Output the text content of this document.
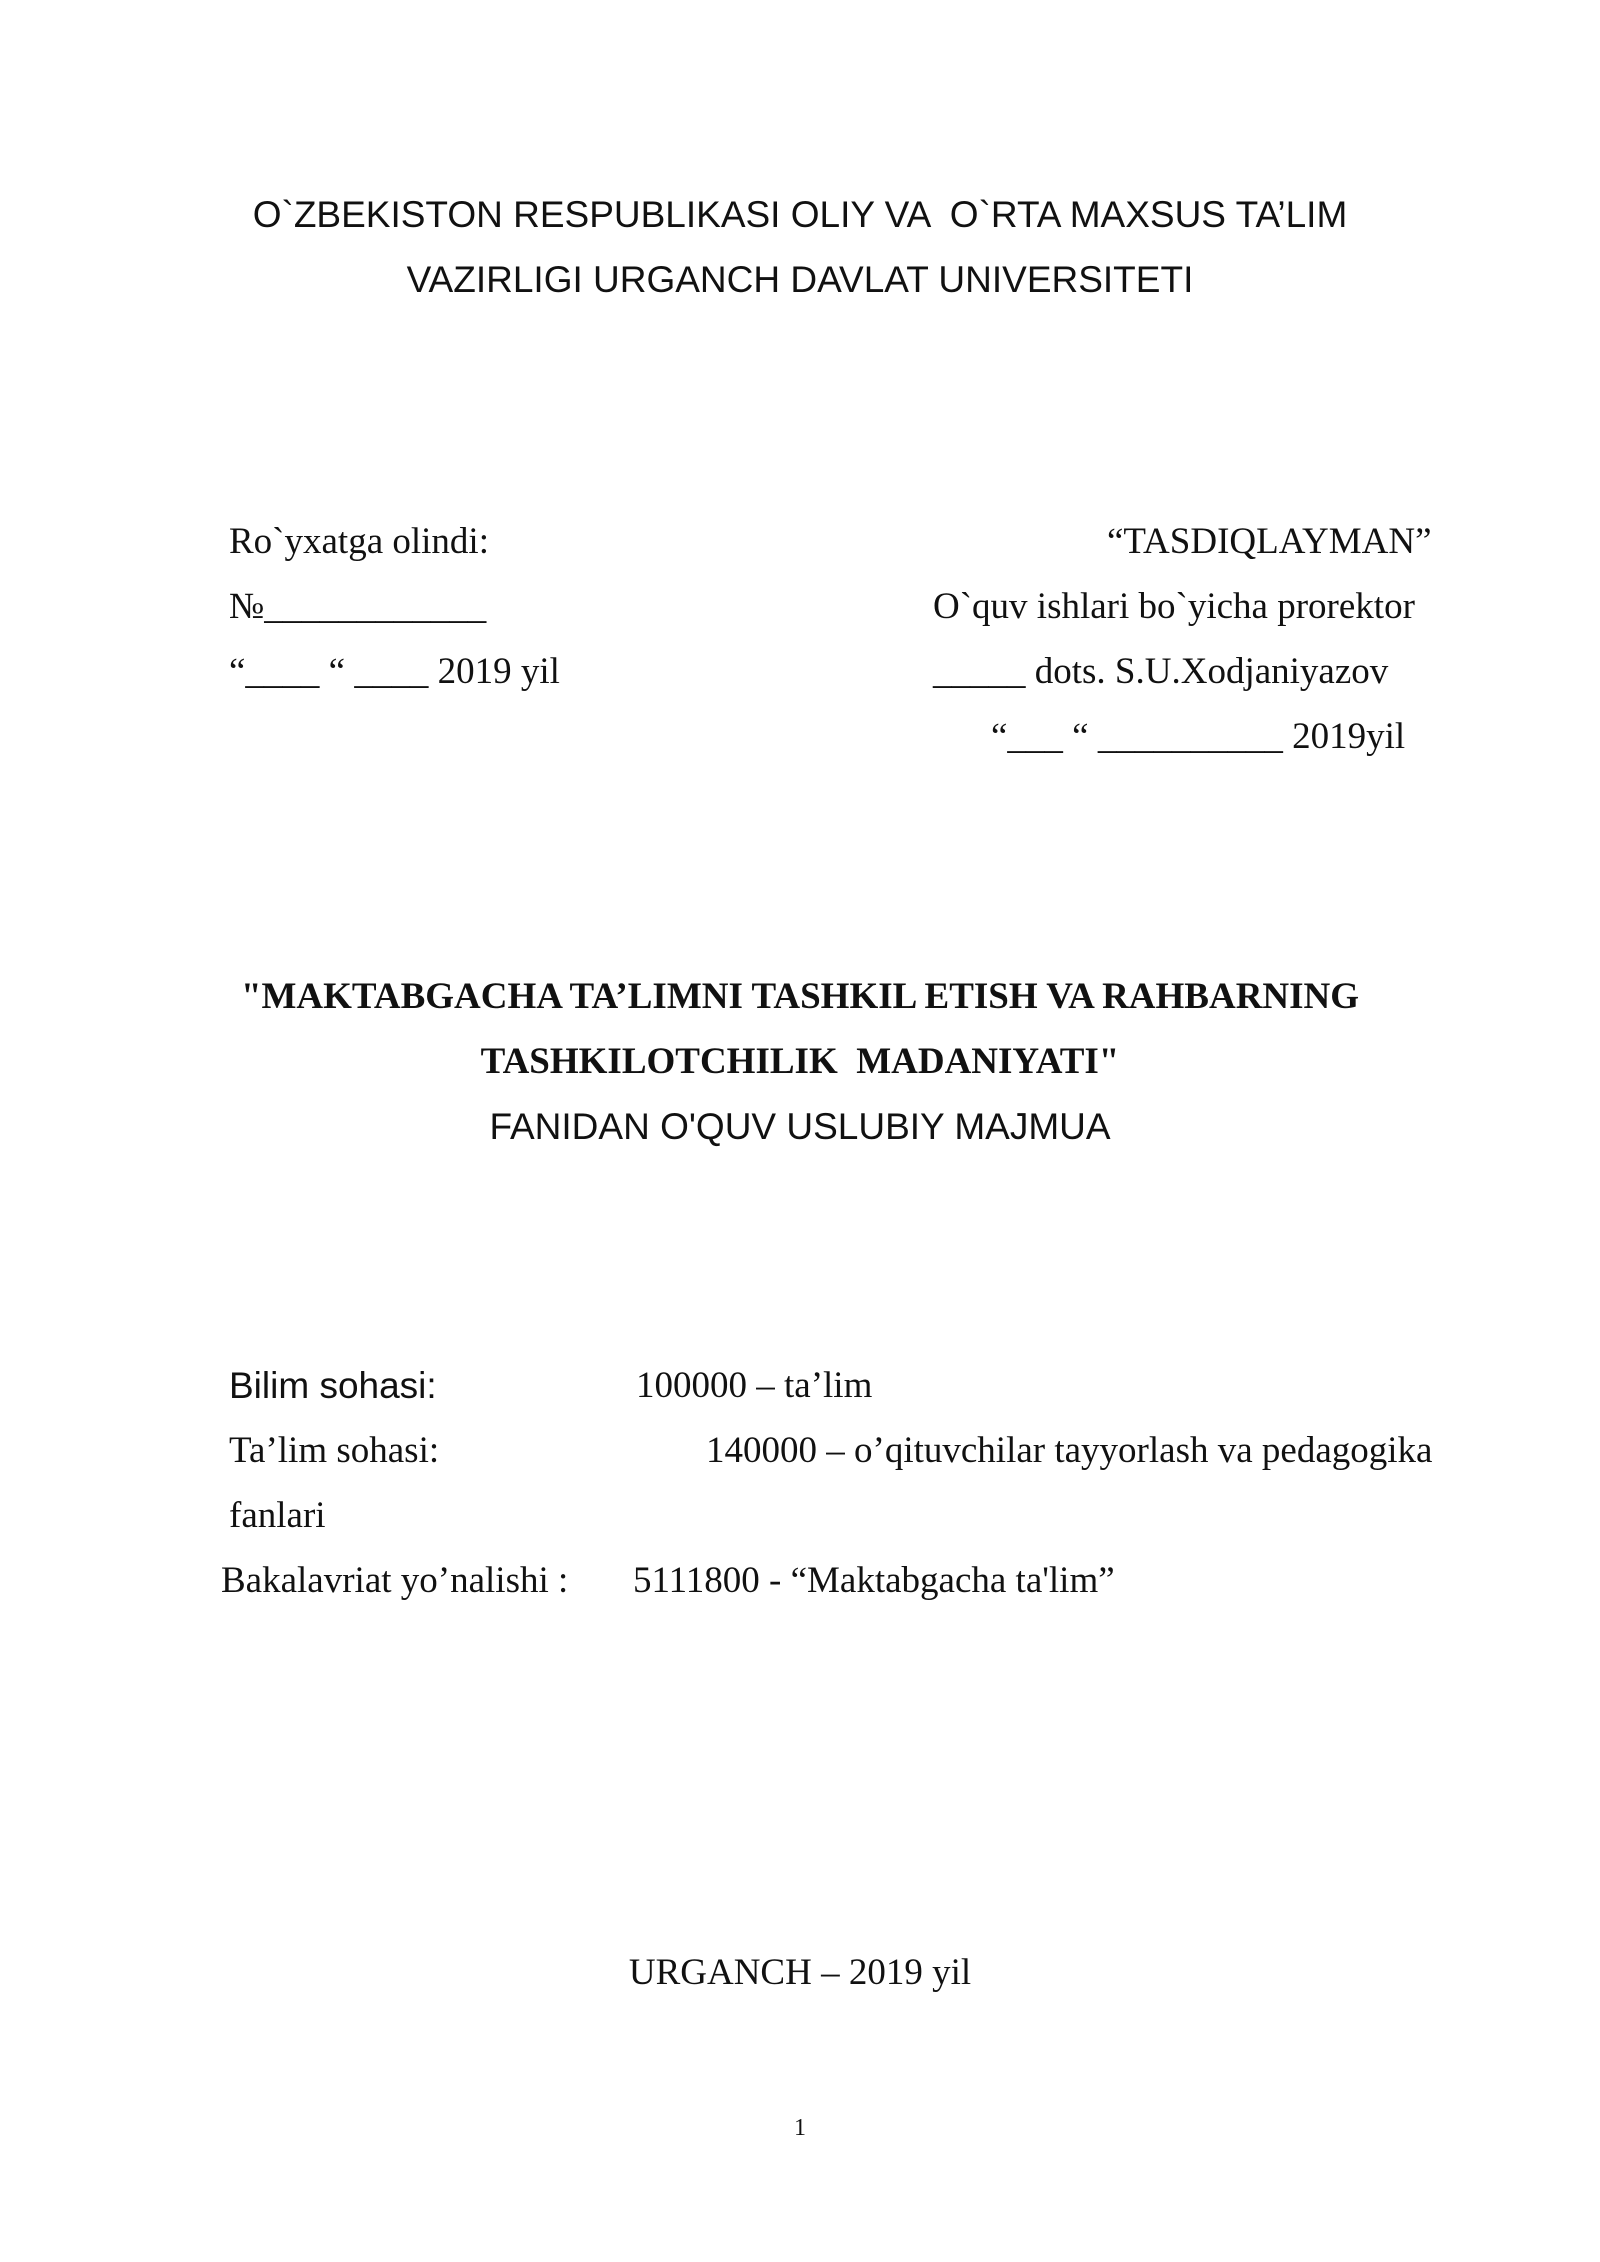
O`ZBEKISTON RESPUBLIKASI OLIY VA  O`RTA MAXSUS TA’LIM
VAZIRLIGI URGANCH DAVLAT UNIVERSITETI
Ro`yxatga olindi:
№____________
“____ “ ____ 2019 yil
“TASDIQLAYMAN”
O`quv ishlari bo`yicha prorektor
_____ dots. S.U.Xodjaniyazov
“___ “ __________ 2019yil
"MAKTABGACHA TA’LIMNI TASHKIL ETISH VA RAHBARNING
TASHKILOTCHILIK  MADANIYATI"
FANIDAN O'QUV USLUBIY MAJMUA
Bilim sohasi:	100000 – ta’lim
Ta’lim sohasi:	140000 – o’qituvchilar tayyorlash va pedagogika
fanlari
Bakalavriat yo’nalishi : 5111800 - “Maktabgacha ta'lim”
URGANCH – 2019 yil
1
